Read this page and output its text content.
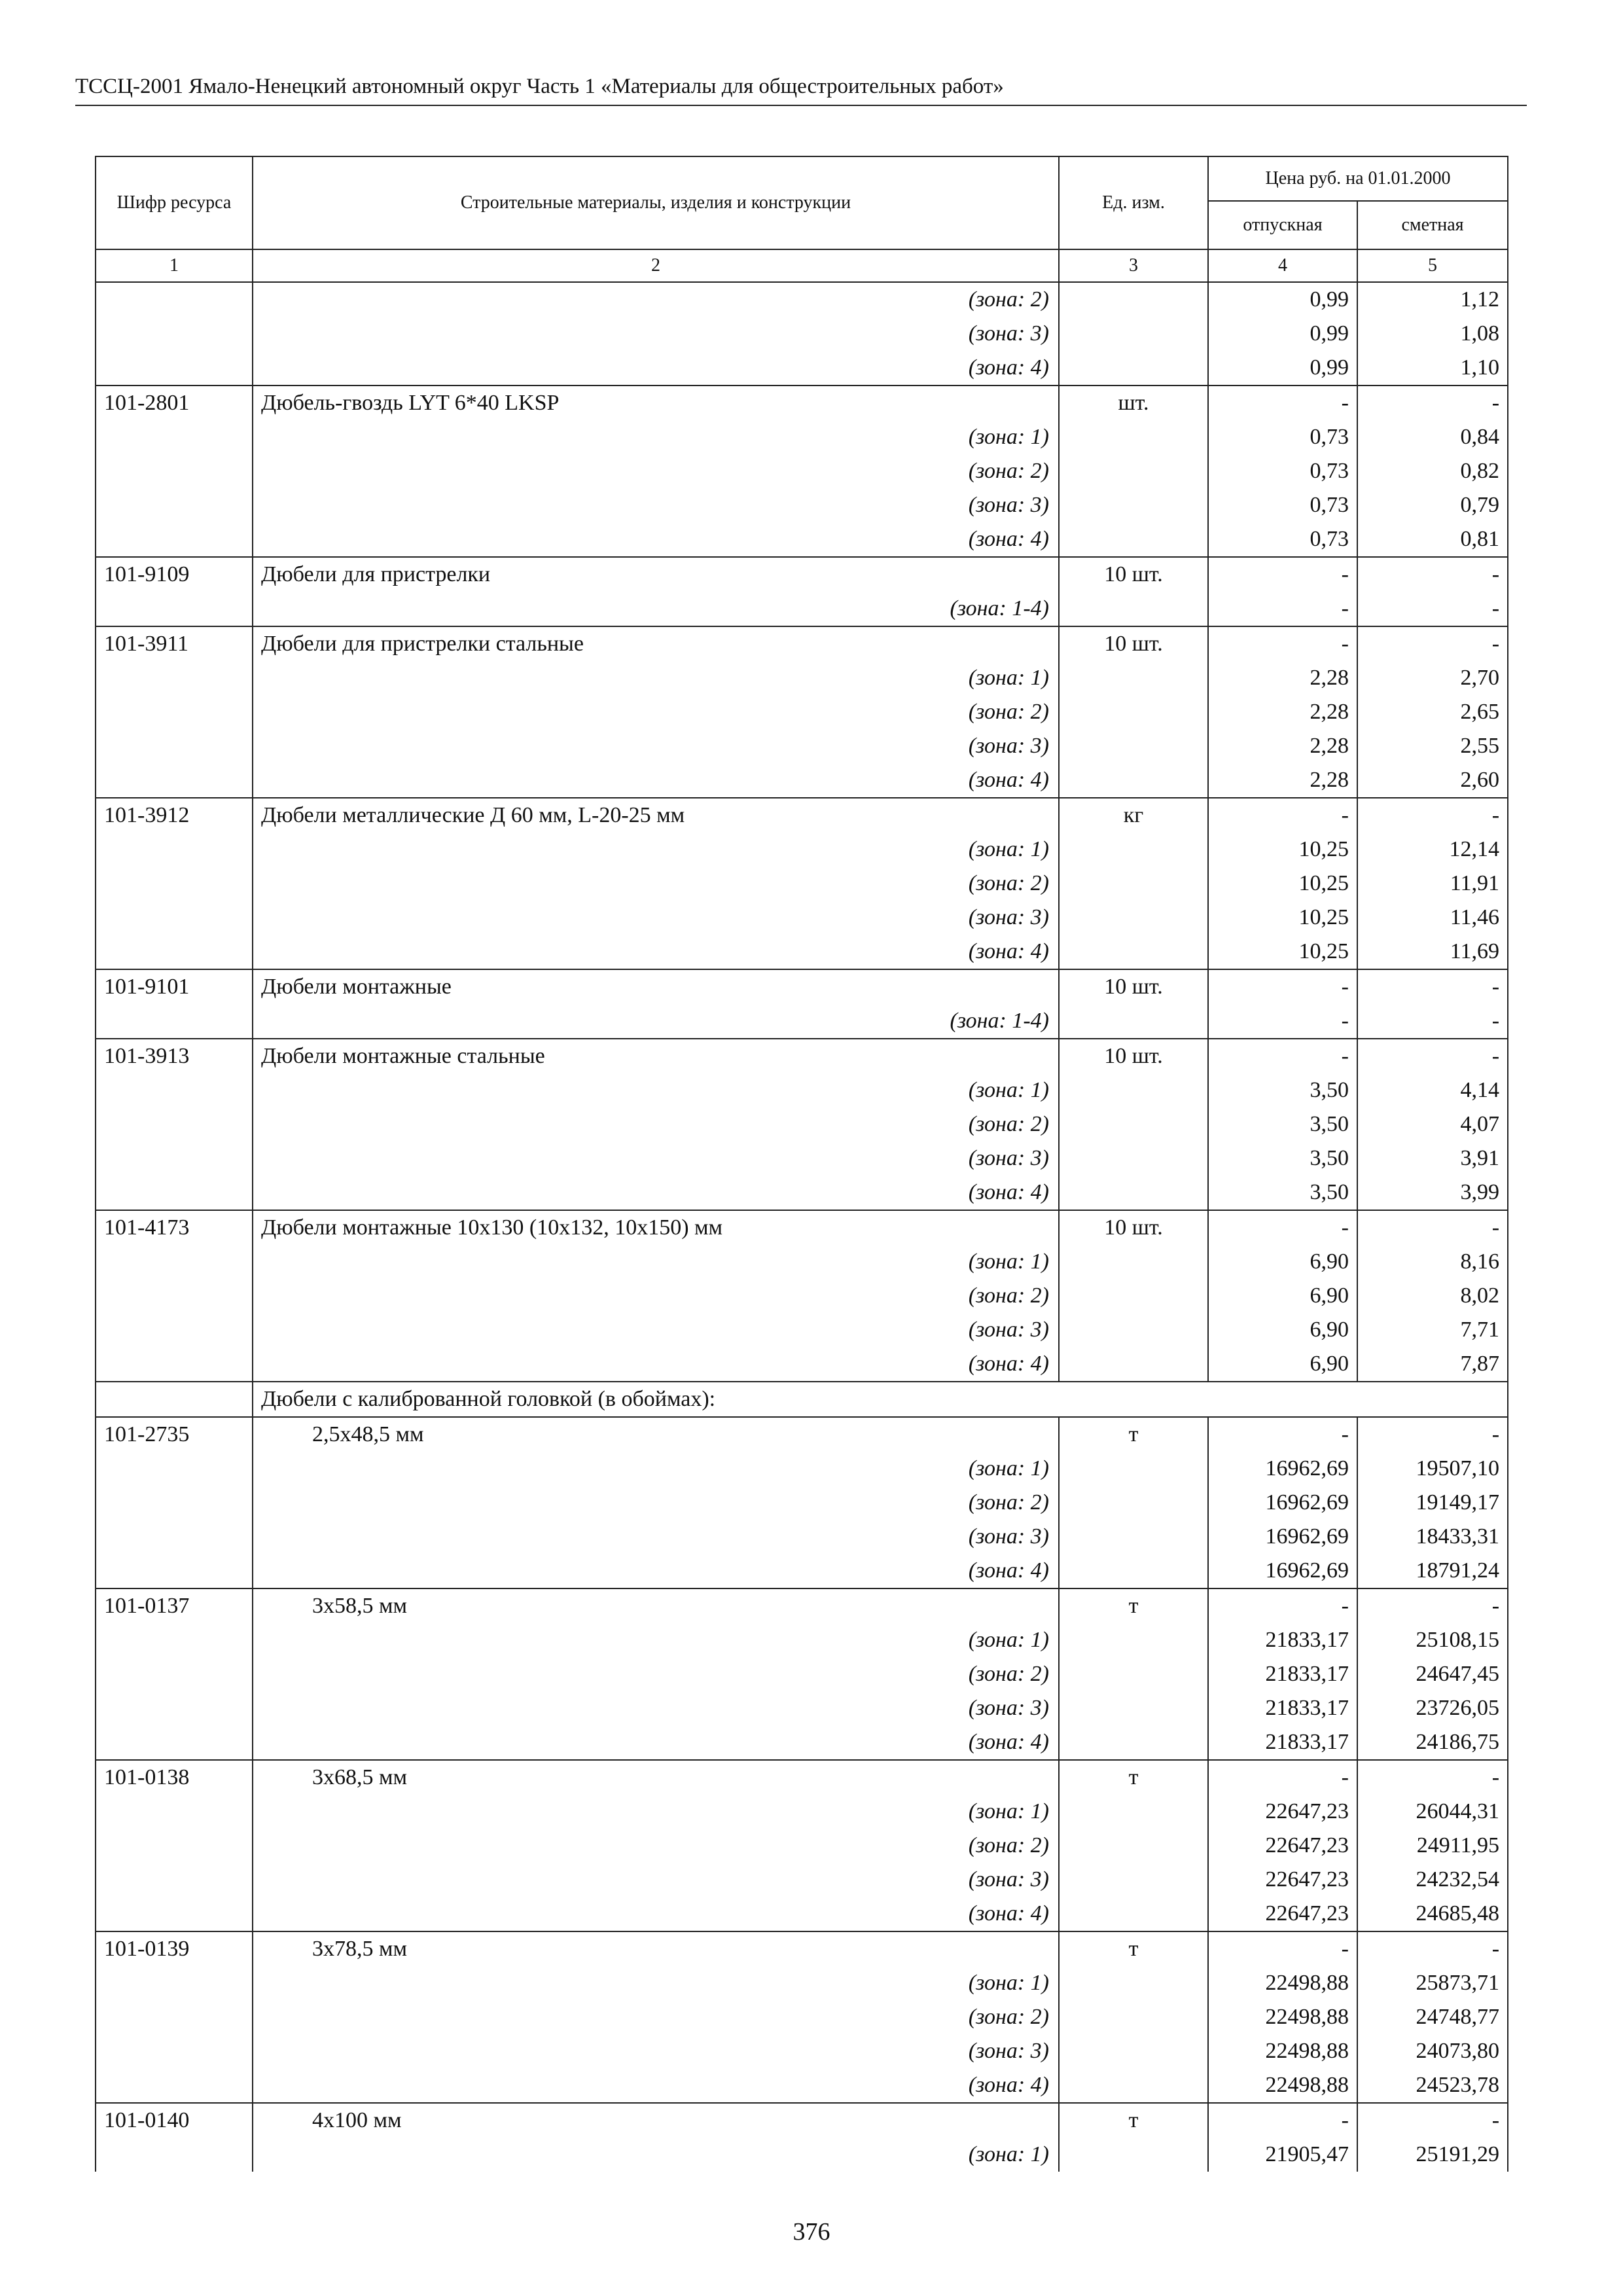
ТССЦ-2001 Ямало-Ненецкий автономный округ Часть 1 «Материалы для общестроительных работ»
Шифр ресурса	Строительные материалы, изделия и конструкции	Ед. изм.	Цена руб. на 01.01.2000	
			отпускная	сметная
1	2	3	4	5
	(зона: 2)		0,99	1,12
	(зона: 3)		0,99	1,08
	(зона: 4)		0,99	1,10
101-2801	Дюбель-гвоздь LYT 6*40 LKSP	шт.	-	-
	(зона: 1)		0,73	0,84
	(зона: 2)		0,73	0,82
	(зона: 3)		0,73	0,79
	(зона: 4)		0,73	0,81
101-9109	Дюбели для пристрелки	10 шт.	-	-
	(зона: 1-4)		-	-
101-3911	Дюбели для пристрелки стальные	10 шт.	-	-
	(зона: 1)		2,28	2,70
	(зона: 2)		2,28	2,65
	(зона: 3)		2,28	2,55
	(зона: 4)		2,28	2,60
101-3912	Дюбели металлические Д 60 мм, L-20-25 мм	кг	-	-
	(зона: 1)		10,25	12,14
	(зона: 2)		10,25	11,91
	(зона: 3)		10,25	11,46
	(зона: 4)		10,25	11,69
101-9101	Дюбели монтажные	10 шт.	-	-
	(зона: 1-4)		-	-
101-3913	Дюбели монтажные стальные	10 шт.	-	-
	(зона: 1)		3,50	4,14
	(зона: 2)		3,50	4,07
	(зона: 3)		3,50	3,91
	(зона: 4)		3,50	3,99
101-4173	Дюбели монтажные 10х130 (10х132, 10х150) мм	10 шт.	-	-
	(зона: 1)		6,90	8,16
	(зона: 2)		6,90	8,02
	(зона: 3)		6,90	7,71
	(зона: 4)		6,90	7,87
	Дюбели с калиброванной головкой (в обоймах):			
101-2735	2,5х48,5 мм	т	-	-
	(зона: 1)		16962,69	19507,10
	(зона: 2)		16962,69	19149,17
	(зона: 3)		16962,69	18433,31
	(зона: 4)		16962,69	18791,24
101-0137	3х58,5 мм	т	-	-
	(зона: 1)		21833,17	25108,15
	(зона: 2)		21833,17	24647,45
	(зона: 3)		21833,17	23726,05
	(зона: 4)		21833,17	24186,75
101-0138	3х68,5 мм	т	-	-
	(зона: 1)		22647,23	26044,31
	(зона: 2)		22647,23	24911,95
	(зона: 3)		22647,23	24232,54
	(зона: 4)		22647,23	24685,48
101-0139	3х78,5 мм	т	-	-
	(зона: 1)		22498,88	25873,71
	(зона: 2)		22498,88	24748,77
	(зона: 3)		22498,88	24073,80
	(зона: 4)		22498,88	24523,78
101-0140	4х100 мм	т	-	-
	(зона: 1)		21905,47	25191,29
376
